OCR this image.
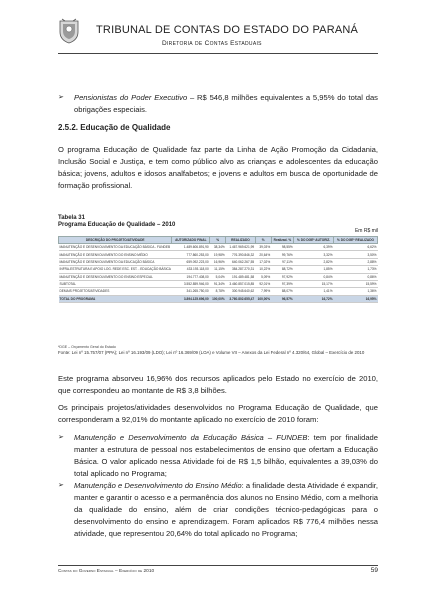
TRIBUNAL DE CONTAS DO ESTADO DO PARANÁ
Diretoria de Contas Estaduais
➢	Pensionistas do Poder Executivo – R$ 546,8 milhões equivalentes a 5,95% do total das obrigações especiais.
2.5.2. Educação de Qualidade
O programa Educação de Qualidade faz parte da Linha de Ação Promoção da Cidadania, Inclusão Social e Justiça, e tem como público alvo as crianças e adolescentes da educação básica; jovens, adultos e idosos analfabetos; e jovens e adultos em busca de oportunidade de formação profissional.
Tabela 31
Programa Educação de Qualidade – 2010
Em R$ mil
DESCRIÇÃO DO PROJETO/ATIVIDADE	AUTORIZADO FINAL	%	REALIZADO	%	Realizad. %	% DO DGE* AUTORIZ.	% DO DGE* REALIZADO
MANUTENÇÃO E DESENVOLVIMENTO DA EDUCAÇÃO BÁSICA - FUNDEB	1.489.606.891,90	38,34%	1.467.969.621,99	39,03%	98,55%	6,39%	6,62%
MANUTENÇÃO E DESENVOLVIMENTO DO ENSINO MÉDIO	777.860.253,00	19,98%	776.390.846,32	20,64%	99,76%	3,32%	3,50%
MANUTENÇÃO E DESENVOLVIMENTO DA EDUCAÇÃO BÁSICA	659.092.223,00	16,96%	640.062.267,55	17,02%	97,11%	2,82%	2,88%
INFRA-ESTRUTURA E APOIO LOG. REDE ESC. EST. - EDUCAÇÃO BÁSICA	433.193.118,00	11,15%	384.287.270,31	10,22%	88,72%	1,85%	1,73%
MANUTENÇÃO E DESENVOLVIMENTO DO ENSINO ESPECIAL	194.777.408,00	5,04%	191.489.481,58	5,09%	97,92%	0,84%	0,86%
SUBTOTAL	3.552.859.946,00	91,34%	3.460.857.015,85	92,01%	97,39%	15,17%	15,59%
DEMAIS PROJETOS/ATIVIDADES	341.265.750,00	8,78%	300.945.640,62	7,99%	88,07%	1,41%	1,36%
TOTAL DO PROGRAMA	3.894.125.696,00	100,00%	3.760.802.655,47	100,00%	96,57%	16,72%	16,95%
*DGE – Orçamento Geral do Estado
Fonte: Lei nº 15.757/07 (PPA); Lei nº 16.193/09 (LDO); Lei nº 16.369/09 (LOA) e Volume VII – Anexos da Lei Federal nº 4.320/64, Global – Exercício de 2010
Este programa absorveu 16,96% dos recursos aplicados pelo Estado no exercício de 2010, que correspondeu ao montante de R$ 3,8 bilhões.
Os principais projetos/atividades desenvolvidos no Programa Educação de Qualidade, que corresponderam a 92,01% do montante aplicado no exercício de 2010 foram:
➢	Manutenção e Desenvolvimento da Educação Básica – FUNDEB: tem por finalidade manter a estrutura de pessoal nos estabelecimentos de ensino que ofertam a Educação Básica. O valor aplicado nessa Atividade foi de R$ 1,5 bilhão, equivalentes a 39,03% do total aplicado no Programa;
➢	Manutenção e Desenvolvimento do Ensino Médio: a finalidade desta Atividade é expandir, manter e garantir o acesso e a permanência dos alunos no Ensino Médio, com a melhoria da qualidade do ensino, além de criar condições técnico-pedagógicas para o desenvolvimento do ensino e aprendizagem. Foram aplicados R$ 776,4 milhões nessa atividade, que representou 20,64% do total aplicado no Programa;
Contas do Governo Estadual – Exercício de 2010	59
